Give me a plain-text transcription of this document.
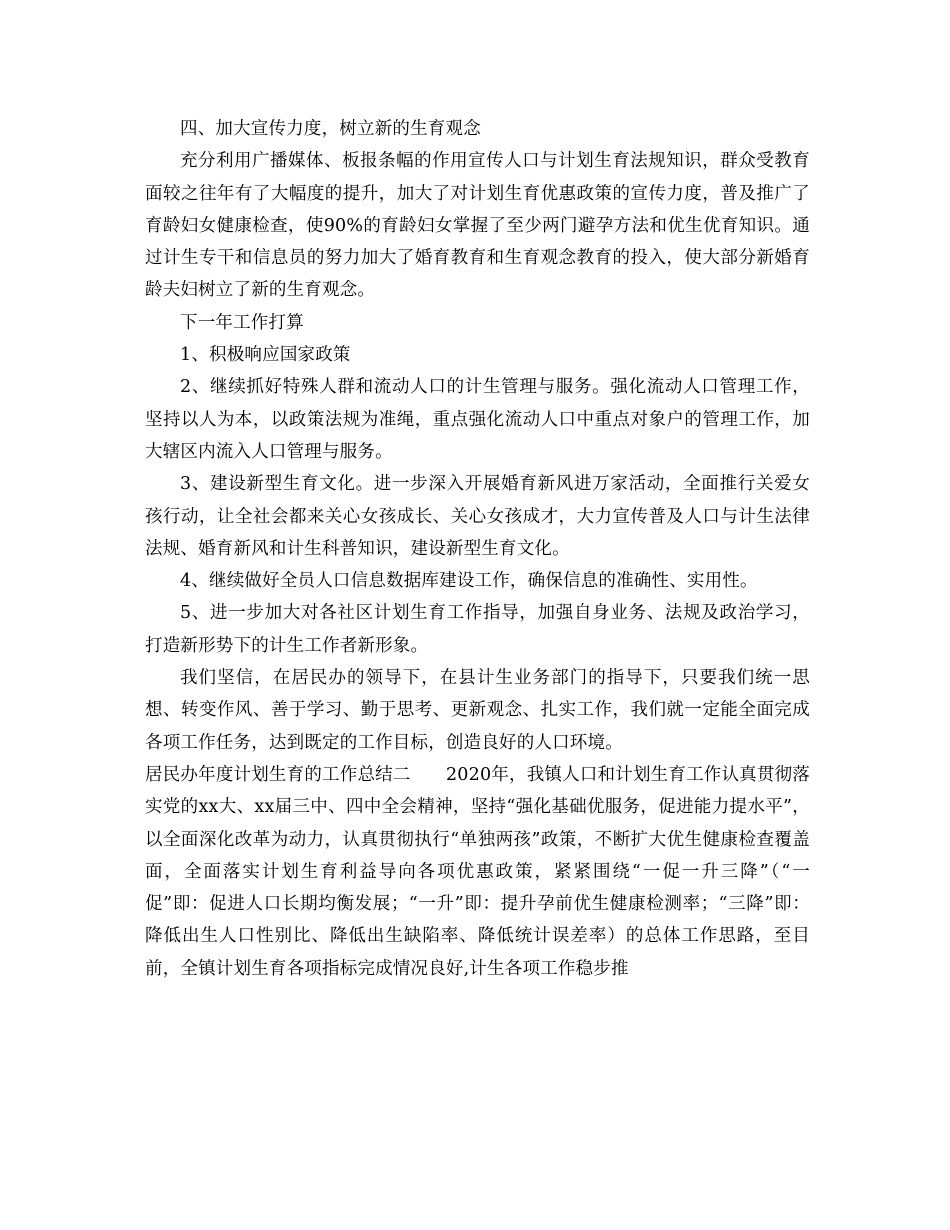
四、加大宣传力度，树立新的生育观念

充分利用广播媒体、板报条幅的作用宣传人口与计划生育法规知识，群众受教育面较之往年有了大幅度的提升，加大了对计划生育优惠政策的宣传力度，普及推广了育龄妇女健康检查，使90%的育龄妇女掌握了至少两门避孕方法和优生优育知识。通过计生专干和信息员的努力加大了婚育教育和生育观念教育的投入，使大部分新婚育龄夫妇树立了新的生育观念。

下一年工作打算

1、积极响应国家政策

2、继续抓好特殊人群和流动人口的计生管理与服务。强化流动人口管理工作，坚持以人为本，以政策法规为准绳，重点强化流动人口中重点对象户的管理工作，加大辖区内流入人口管理与服务。

3、建设新型生育文化。进一步深入开展婚育新风进万家活动，全面推行关爱女孩行动，让全社会都来关心女孩成长、关心女孩成才，大力宣传普及人口与计生法律法规、婚育新风和计生科普知识，建设新型生育文化。

4、继续做好全员人口信息数据库建设工作，确保信息的准确性、实用性。

5、进一步加大对各社区计划生育工作指导，加强自身业务、法规及政治学习，打造新形势下的计生工作者新形象。

我们坚信，在居民办的领导下，在县计生业务部门的指导下，只要我们统一思想、转变作风、善于学习、勤于思考、更新观念、扎实工作，我们就一定能全面完成各项工作任务，达到既定的工作目标，创造良好的人口环境。

居民办年度计划生育的工作总结二　　2020年，我镇人口和计划生育工作认真贯彻落实党的xx大、xx届三中、四中全会精神，坚持“强化基础优服务，促进能力提水平”，以全面深化改革为动力，认真贯彻执行“单独两孩”政策，不断扩大优生健康检查覆盖面，全面落实计划生育利益导向各项优惠政策，紧紧围绕“一促一升三降”（“一促”即：促进人口长期均衡发展；“一升”即：提升孕前优生健康检测率；“三降”即：降低出生人口性别比、降低出生缺陷率、降低统计误差率）的总体工作思路，至目前，全镇计划生育各项指标完成情况良好,计生各项工作稳步推
